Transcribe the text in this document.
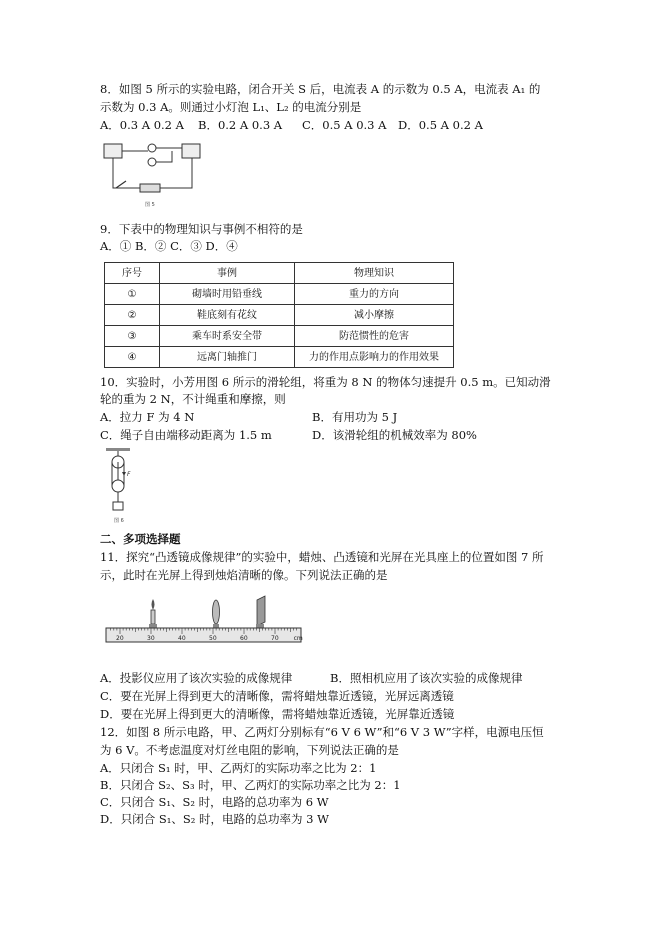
8．如图 5 所示的实验电路，闭合开关 S 后，电流表 A 的示数为 0.5 A，电流表 A₁ 的
示数为 0.3 A。则通过小灯泡 L₁、L₂ 的电流分别是
A．0.3 A 0.2 A B．0.2 A 0.3 A C．0.5 A 0.3 A D．0.5 A 0.2 A
图 5
9．下表中的物理知识与事例不相符的是
A．① B．② C．③ D．④
序号	事例	物理知识
①	砌墙时用铅垂线	重力的方向
②	鞋底刻有花纹	减小摩擦
③	乘车时系安全带	防范惯性的危害
④	远离门轴推门	力的作用点影响力的作用效果
10．实验时，小芳用图 6 所示的滑轮组，将重为 8 N 的物体匀速提升 0.5 m。已知动滑
轮的重为 2 N，不计绳重和摩擦，则
A．拉力 F 为 4 N	B．有用功为 5 J
C．绳子自由端移动距离为 1.5 m	D．该滑轮组的机械效率为 80%
F
图 6
二、多项选择题
11．探究“凸透镜成像规律”的实验中，蜡烛、凸透镜和光屏在光具座上的位置如图 7 所
示，此时在光屏上得到烛焰清晰的像。下列说法正确的是
20	30	40	50	60	70 cm
A．投影仪应用了该次实验的成像规律	B．照相机应用了该次实验的成像规律
C．要在光屏上得到更大的清晰像，需将蜡烛靠近透镜，光屏远离透镜
D．要在光屏上得到更大的清晰像，需将蜡烛靠近透镜，光屏靠近透镜
12．如图 8 所示电路，甲、乙两灯分别标有“6 V 6 W”和“6 V 3 W”字样，电源电压恒
为 6 V。不考虑温度对灯丝电阻的影响，下列说法正确的是
A．只闭合 S₁ 时，甲、乙两灯的实际功率之比为 2：1
B．只闭合 S₂、S₃ 时，甲、乙两灯的实际功率之比为 2：1
C．只闭合 S₁、S₂ 时，电路的总功率为 6 W
D．只闭合 S₁、S₂ 时，电路的总功率为 3 W
